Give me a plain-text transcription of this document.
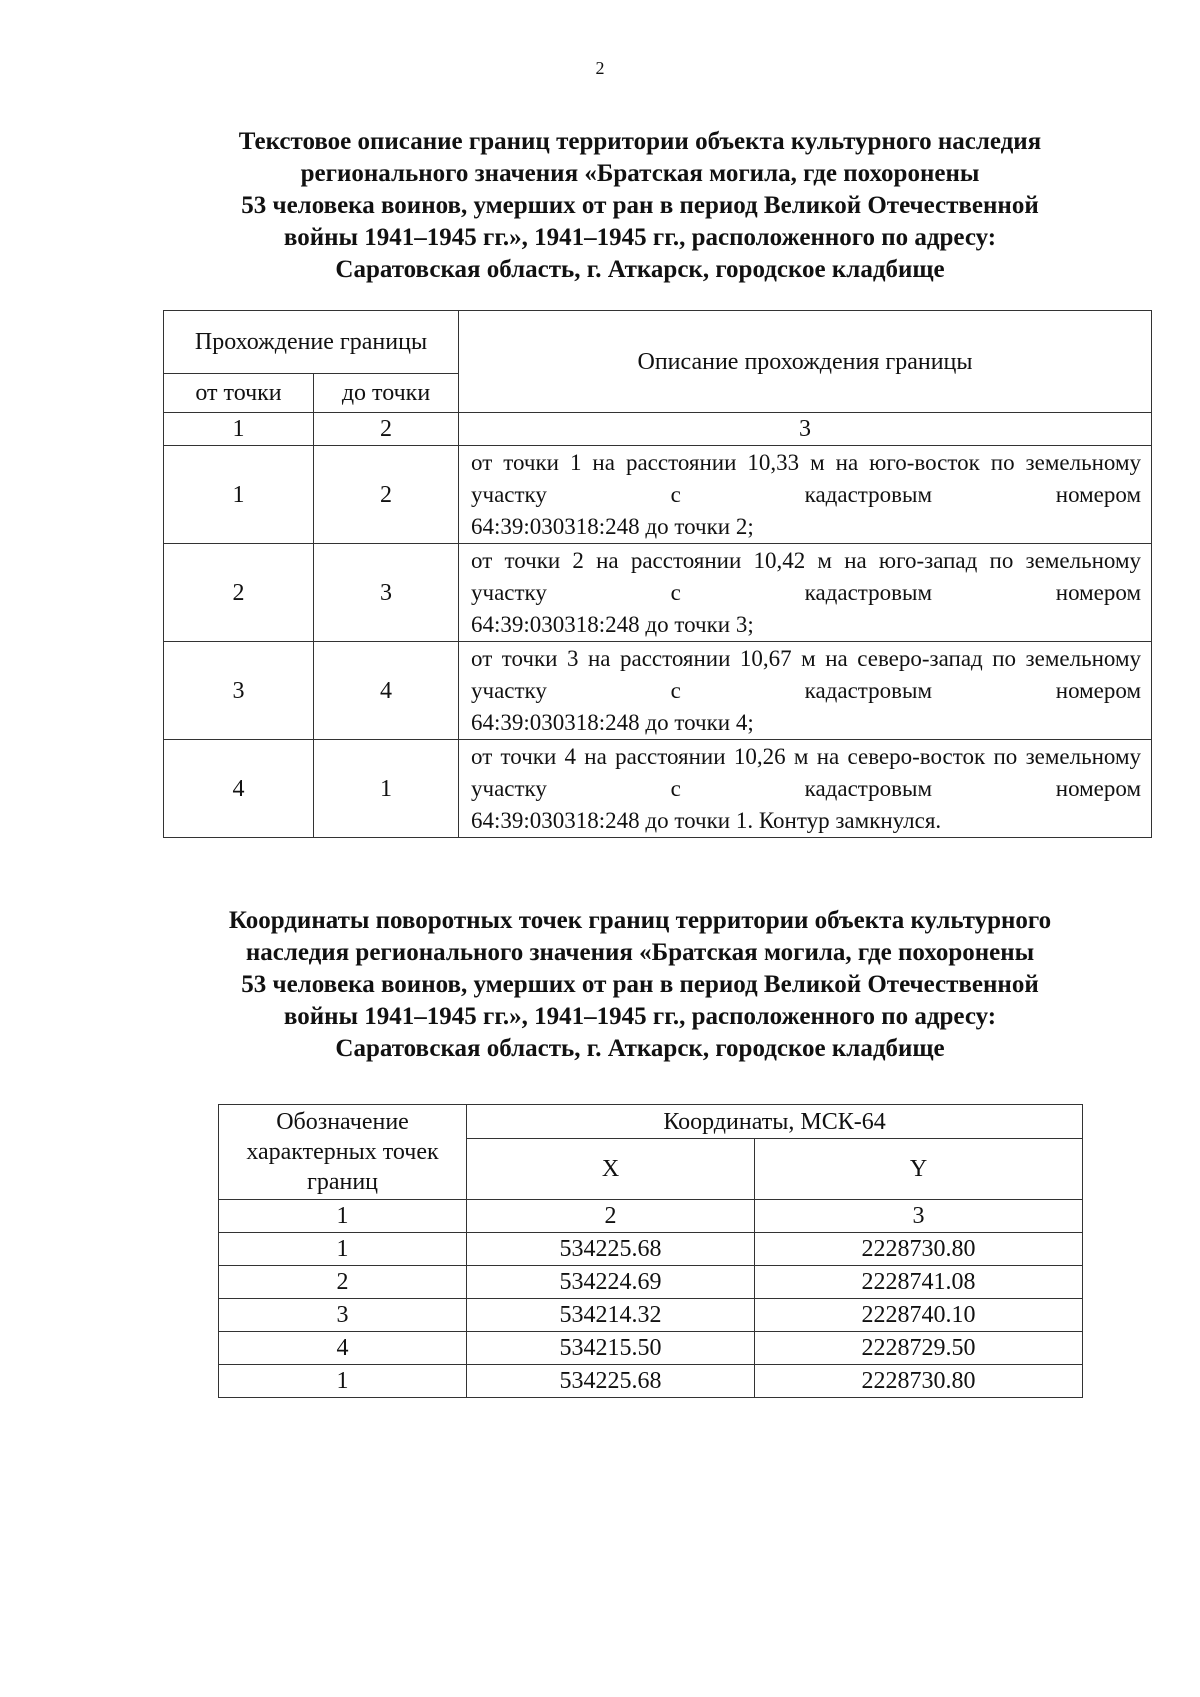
2
Текстовое описание границ территории объекта культурного наследия
регионального значения «Братская могила, где похоронены
53 человека воинов, умерших от ран в период Великой Отечественной
войны 1941–1945 гг.», 1941–1945 гг., расположенного по адресу:
Саратовская область, г. Аткарск, городское кладбище
Прохождение границы		Описание прохождения границы
от точки	до точки	
1	2	3
1	2	от точки 1 на расстоянии 10,33 м на юго-восток по земельному участку с кадастровым номером
64:39:030318:248 до точки 2;

2	3	от точки 2 на расстоянии 10,42 м на юго-запад по земельному участку с кадастровым номером
64:39:030318:248 до точки 3;

3	4	от точки 3 на расстоянии 10,67 м на северо-запад по земельному участку с кадастровым номером
64:39:030318:248 до точки 4;

4	1	от точки 4 на расстоянии 10,26 м на северо-восток по земельному участку с кадастровым номером
64:39:030318:248 до точки 1. Контур замкнулся.
Координаты поворотных точек границ территории объекта культурного
наследия регионального значения «Братская могила, где похоронены
53 человека воинов, умерших от ран в период Великой Отечественной
войны 1941–1945 гг.», 1941–1945 гг., расположенного по адресу:
Саратовская область, г. Аткарск, городское кладбище
Обозначение характерных точек границ	Координаты, МСК-64	
	X	Y
1	2	3
1	534225.68	2228730.80
2	534224.69	2228741.08
3	534214.32	2228740.10
4	534215.50	2228729.50
1	534225.68	2228730.80
